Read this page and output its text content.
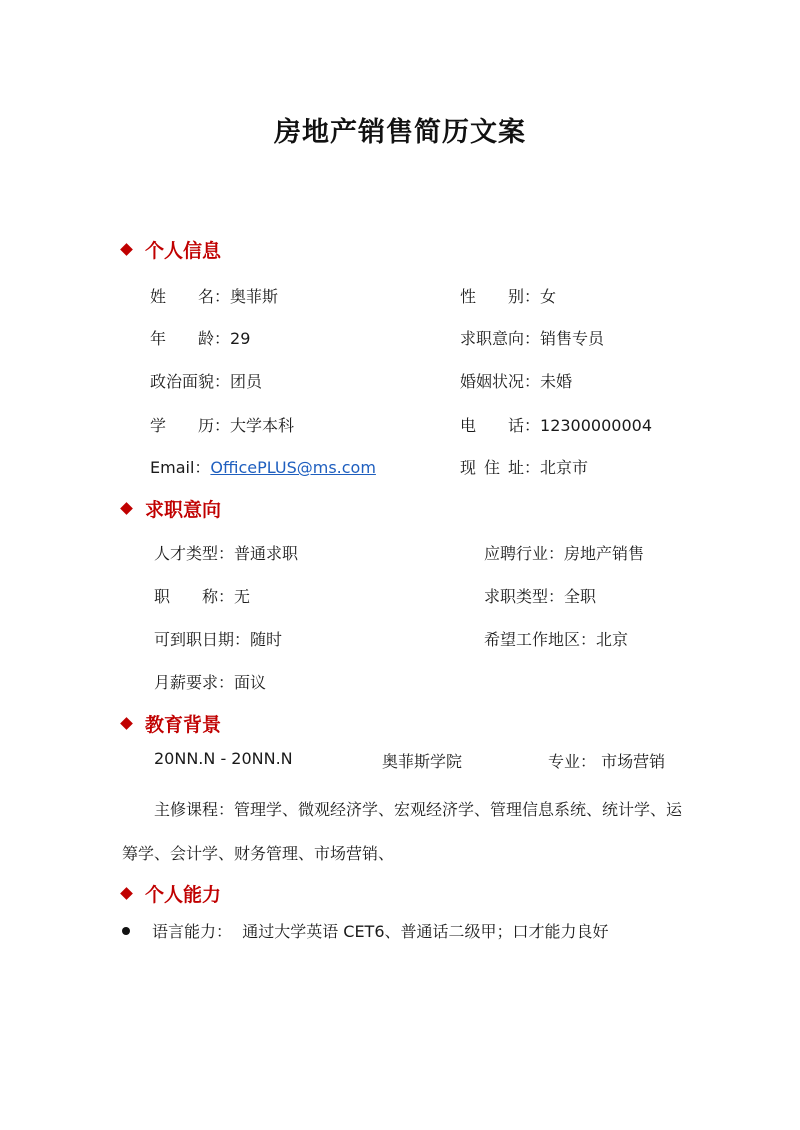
房地产销售简历文案
个人信息
姓名：奥菲斯	性别：女
年龄：29	求职意向：销售专员
政治面貌：团员	婚姻状况：未婚
学历：大学本科	电话：12300000004
Email：OfficePLUS@ms.com	现住址：北京市
求职意向
人才类型：普通求职	应聘行业：房地产销售
职称：无	求职类型：全职
可到职日期：随时	希望工作地区：北京
月薪要求：面议
教育背景
20NN.N - 20NN.N	奥菲斯学院	专业： 市场营销
主修课程：管理学、微观经济学、宏观经济学、管理信息系统、统计学、运
筹学、会计学、财务管理、市场营销、
个人能力
语言能力： 通过大学英语 CET6、普通话二级甲；口才能力良好
